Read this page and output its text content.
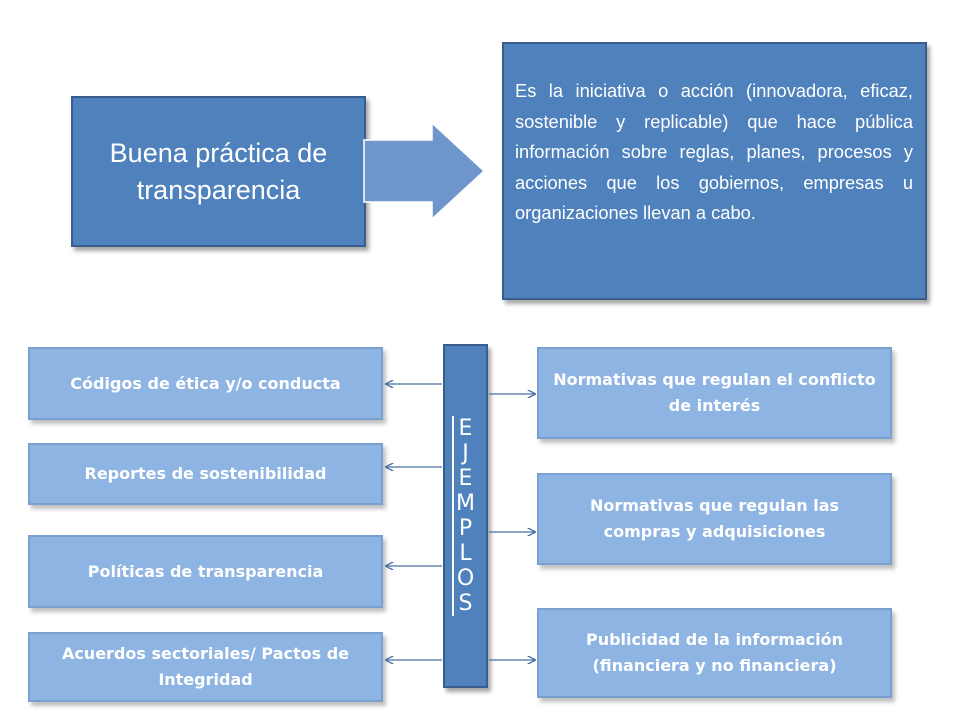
Buena práctica de transparencia
Es la iniciativa o acción (innovadora, eficaz, sostenible y replicable) que hace pública información sobre reglas, planes, procesos y acciones que los gobiernos, empresas u organizaciones llevan a cabo.
Códigos de ética y/o conducta
Reportes de sostenibilidad
Políticas de transparencia
Acuerdos sectoriales/ Pactos de Integridad
EJEMPLOS
Normativas que regulan el conflicto de interés
Normativas que regulan las compras y adquisiciones
Publicidad de la información (financiera y no financiera)
